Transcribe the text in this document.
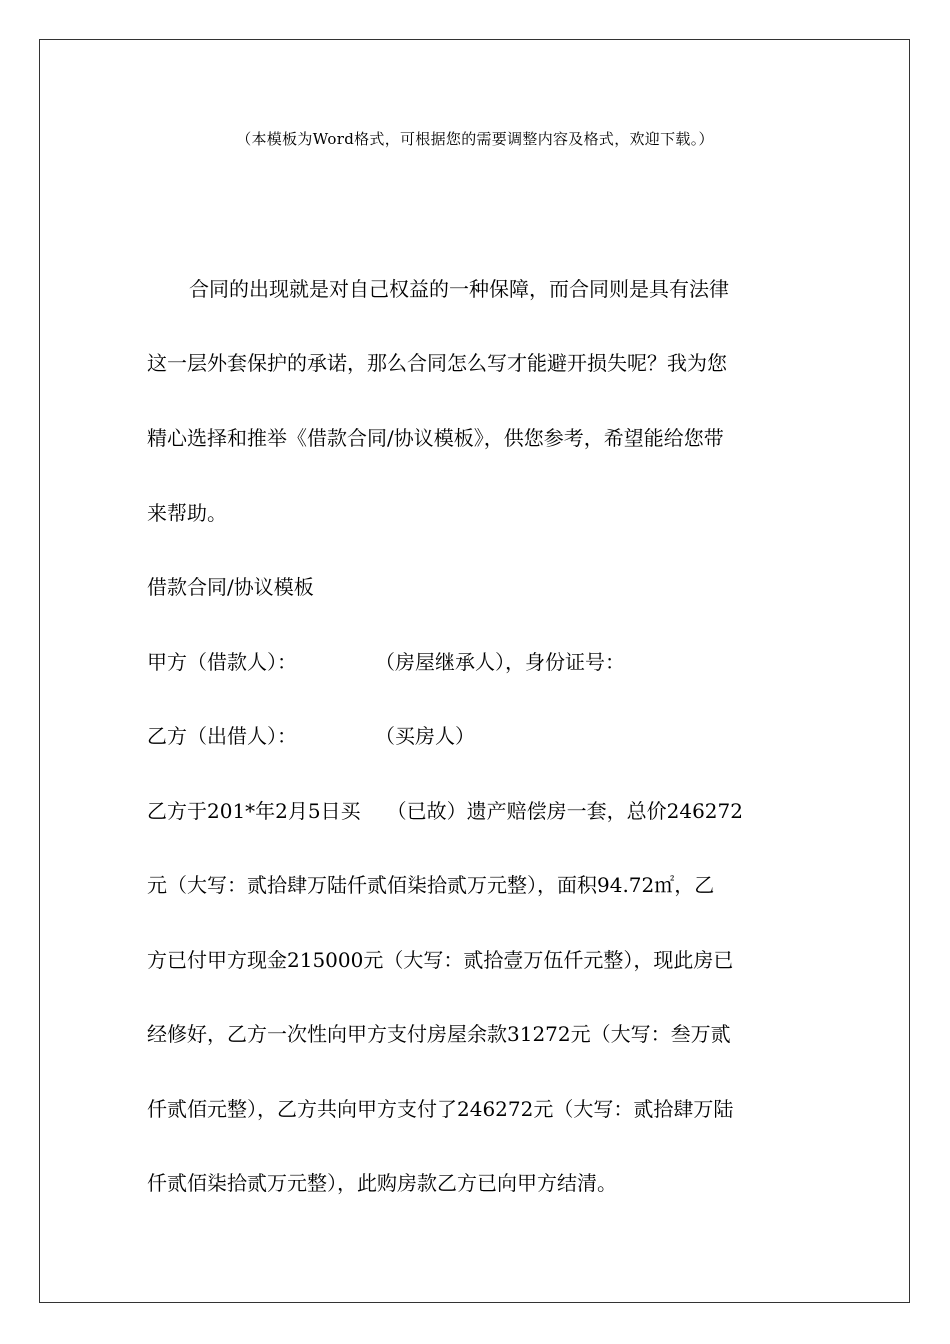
（本模板为Word格式，可根据您的需要调整内容及格式，欢迎下载。）
合同的出现就是对自己权益的一种保障，而合同则是具有法律
这一层外套保护的承诺，那么合同怎么写才能避开损失呢？我为您
精心选择和推举《借款合同/协议模板》，供您参考，希望能给您带
来帮助。
借款合同/协议模板
甲方（借款人）：	（房屋继承人），身份证号：
乙方（出借人）：	（买房人）
乙方于201*年2月5日买 （已故）遗产赔偿房一套，总价246272
元（大写：贰拾肆万陆仟贰佰柒拾贰万元整），面积94.72㎡，乙
方已付甲方现金215000元（大写：贰拾壹万伍仟元整），现此房已
经修好，乙方一次性向甲方支付房屋余款31272元（大写：叁万贰
仟贰佰元整），乙方共向甲方支付了246272元（大写：贰拾肆万陆
仟贰佰柒拾贰万元整），此购房款乙方已向甲方结清。
